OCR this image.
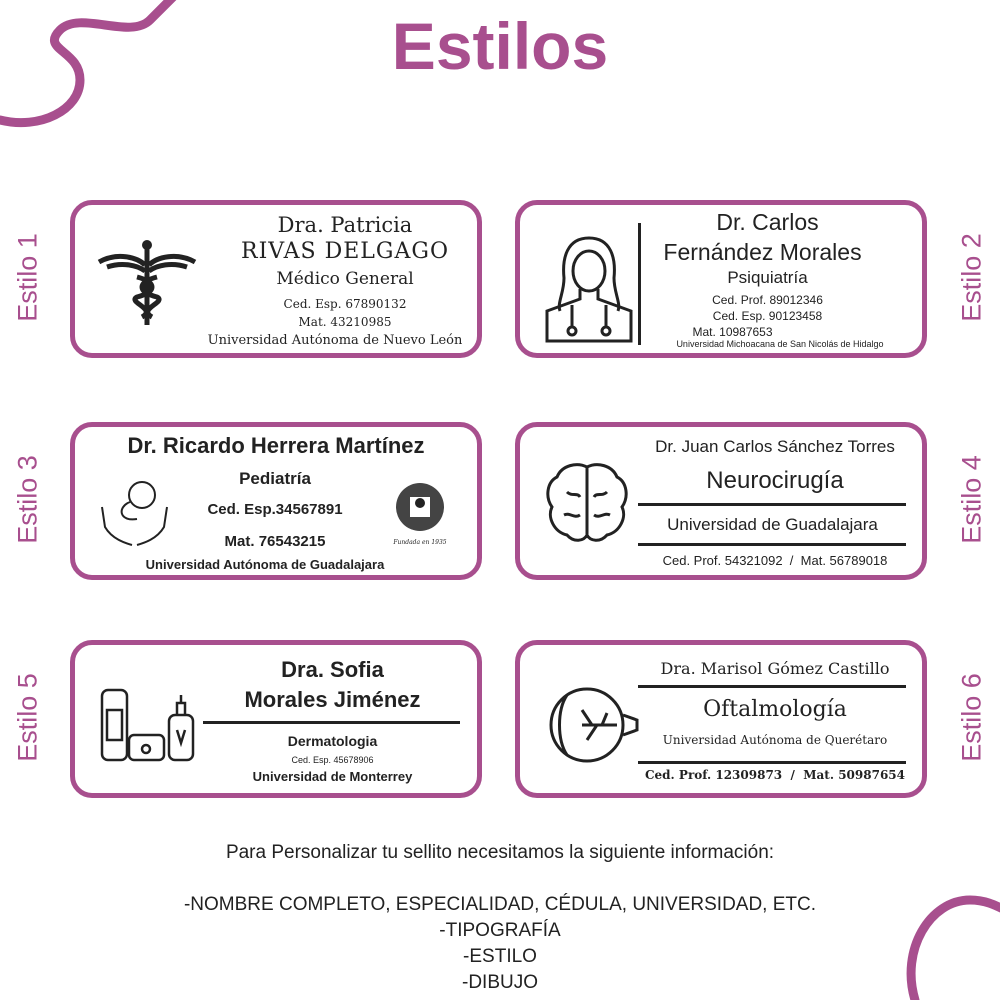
Estilos
Estilo 1	Estilo 2
Estilo 3	Estilo 4
Estilo 5	Estilo 6
Dra. Patricia
RIVAS DELGAGO
Médico General
Ced. Esp. 67890132
Mat. 43210985
Universidad Autónoma de Nuevo León
Dr. Carlos
Fernández Morales
Psiquiatría
Ced. Prof. 89012346
Ced. Esp. 90123458
Mat. 10987653
Universidad Michoacana de San Nicolás de Hidalgo
Dr. Ricardo Herrera Martínez
Pediatría
Ced. Esp.34567891
Mat. 76543215
Universidad Autónoma de Guadalajara
Fundada en 1935
Dr. Juan Carlos Sánchez Torres
Neurocirugía
Universidad de Guadalajara
Ced. Prof. 54321092  /  Mat. 56789018
Dra. Sofia
Morales Jiménez
Dermatologia
Ced. Esp. 45678906
Universidad de Monterrey
Dra. Marisol Gómez Castillo
Oftalmología
Universidad Autónoma de Querétaro
Ced. Prof. 12309873  /  Mat. 50987654
Para Personalizar tu sellito necesitamos la siguiente información:
-NOMBRE COMPLETO, ESPECIALIDAD, CÉDULA, UNIVERSIDAD, ETC.
-TIPOGRAFÍA
-ESTILO
-DIBUJO
